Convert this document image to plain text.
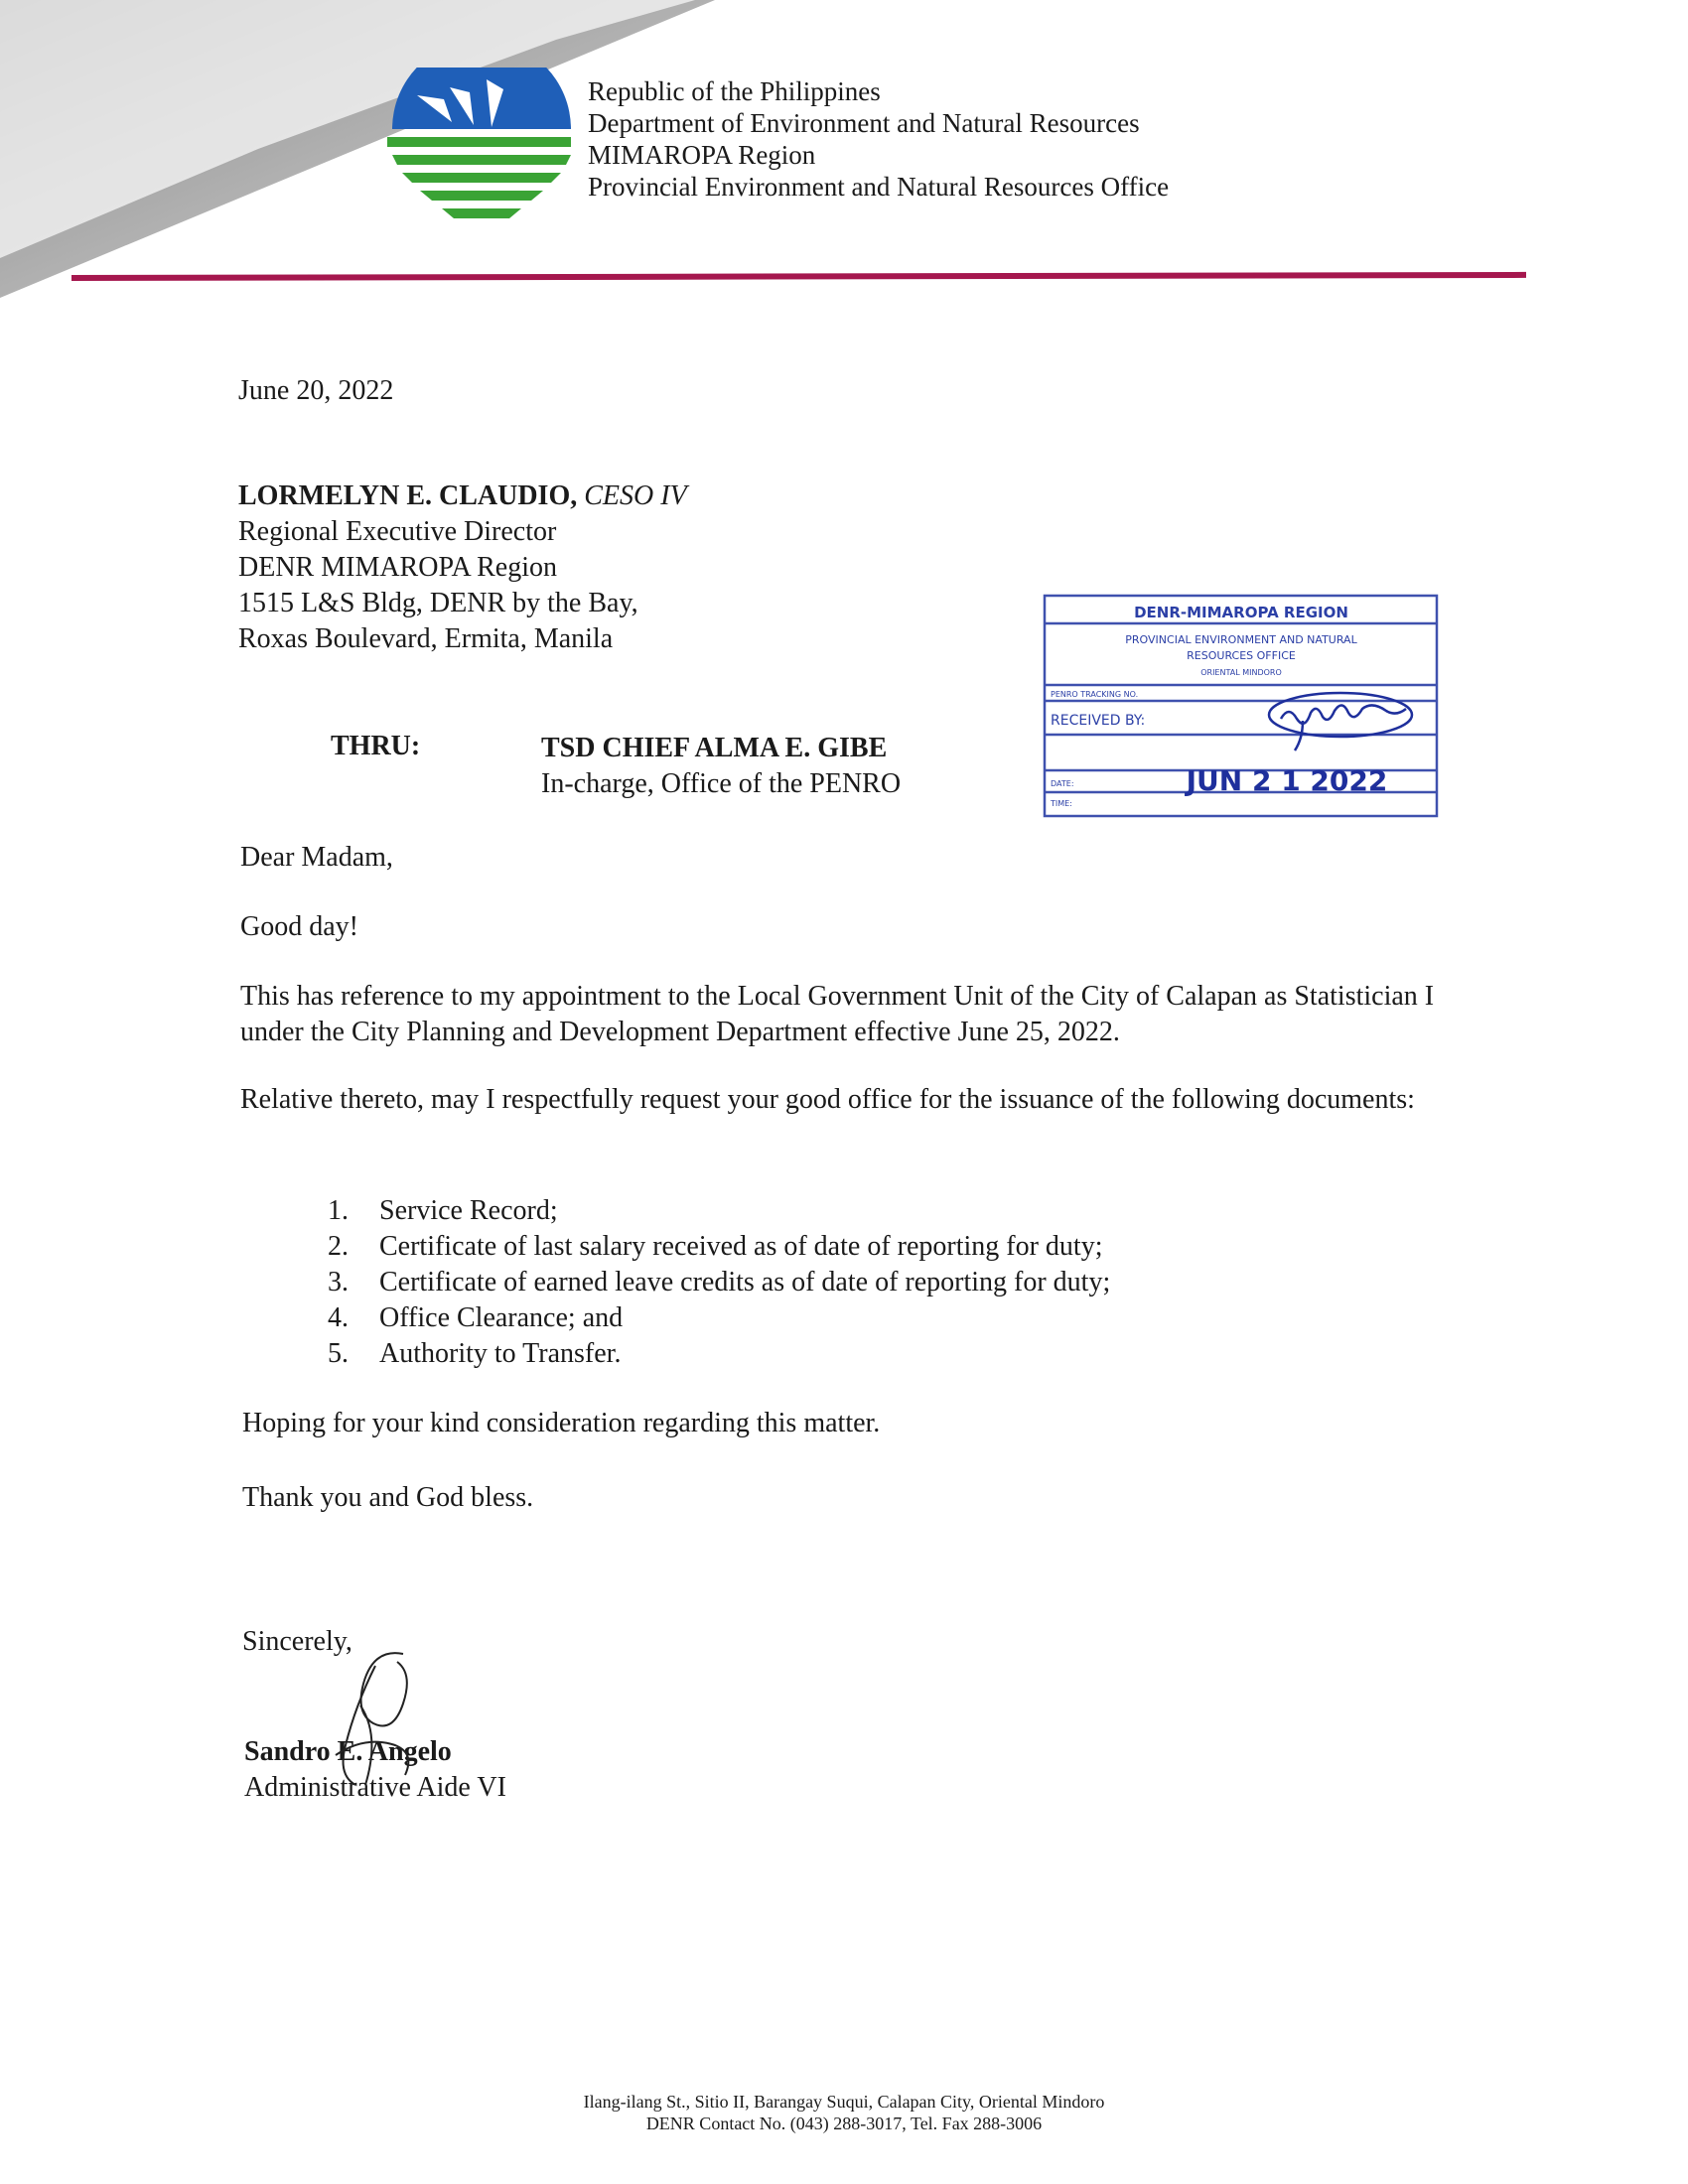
Republic of the Philippines
Department of Environment and Natural Resources
MIMAROPA Region
Provincial Environment and Natural Resources Office
June 20, 2022
LORMELYN E. CLAUDIO, CESO IV
Regional Executive Director
DENR MIMAROPA Region
1515 L&S Bldg, DENR by the Bay,
Roxas Boulevard, Ermita, Manila
THRU:	TSD CHIEF ALMA E. GIBE
In-charge, Office of the PENRO
DENR-MIMAROPA REGION
PROVINCIAL ENVIRONMENT AND NATURAL
RESOURCES OFFICE
ORIENTAL MINDORO
PENRO TRACKING NO.
RECEIVED BY:
DATE:
TIME:
JUN 2 1 2022
Dear Madam,
Good day!
This has reference to my appointment to the Local Government Unit of the City of Calapan as Statistician I under the City Planning and Development Department effective June 25, 2022.
Relative thereto, may I respectfully request your good office for the issuance of the following documents:
1.	Service Record;
2.	Certificate of last salary received as of date of reporting for duty;
3.	Certificate of earned leave credits as of date of reporting for duty;
4.	Office Clearance; and
5.	Authority to Transfer.
Hoping for your kind consideration regarding this matter.
Thank you and God bless.
Sincerely,
Sandro E. Angelo
Administrative Aide VI
Ilang-ilang St., Sitio II, Barangay Suqui, Calapan City, Oriental Mindoro
DENR Contact No. (043) 288-3017, Tel. Fax 288-3006
